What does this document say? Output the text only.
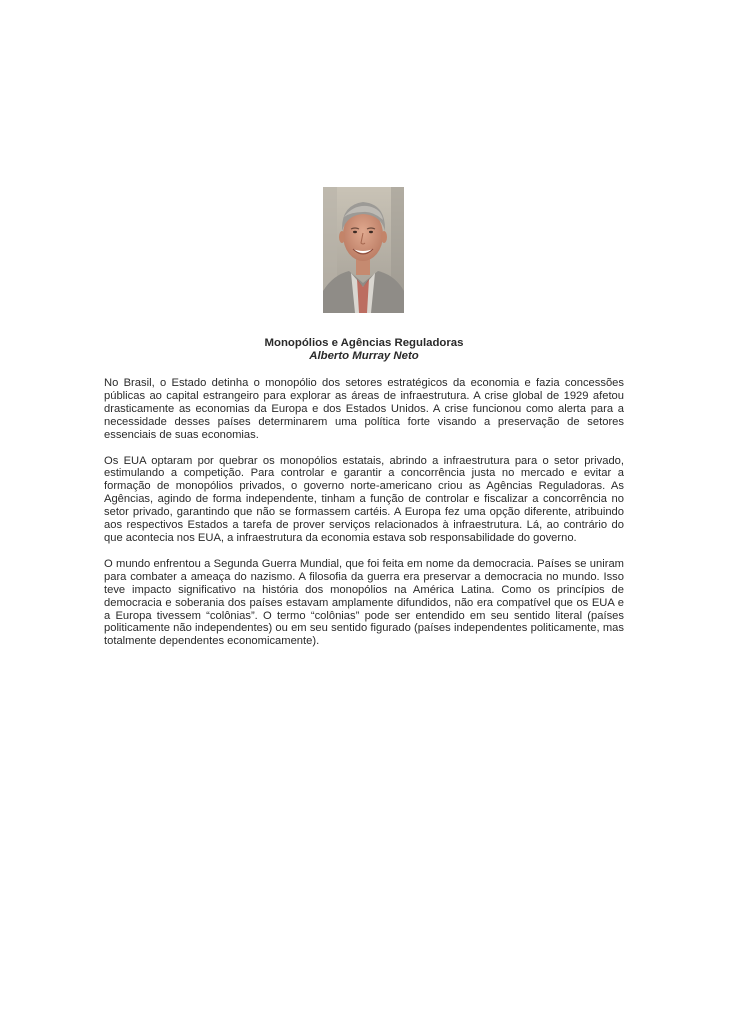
Monopólios e Agências Reguladoras

Alberto Murray Neto

No Brasil, o Estado detinha o monopólio dos setores estratégicos da economia e fazia concessões públicas ao capital estrangeiro para explorar as áreas de infraestrutura. A crise global de 1929 afetou drasticamente as economias da Europa e dos Estados Unidos. A crise funcionou como alerta para a necessidade desses países determinarem uma política forte visando a preservação de setores essenciais de suas economias.

Os EUA optaram por quebrar os monopólios estatais, abrindo a infraestrutura para o setor privado, estimulando a competição. Para controlar e garantir a concorrência justa no mercado e evitar a formação de monopólios privados, o governo norte-americano criou as Agências Reguladoras. As Agências, agindo de forma independente, tinham a função de controlar e fiscalizar a concorrência no setor privado, garantindo que não se formassem cartéis. A Europa fez uma opção diferente, atribuindo aos respectivos Estados a tarefa de prover serviços relacionados à infraestrutura. Lá, ao contrário do que acontecia nos EUA, a infraestrutura da economia estava sob responsabilidade do governo.

O mundo enfrentou a Segunda Guerra Mundial, que foi feita em nome da democracia. Países se uniram para combater a ameaça do nazismo. A filosofia da guerra era preservar a democracia no mundo. Isso teve impacto significativo na história dos monopólios na América Latina. Como os princípios de democracia e soberania dos países estavam amplamente difundidos, não era compatível que os EUA e a Europa tivessem “colônias”. O termo “colônias” pode ser entendido em seu sentido literal (países politicamente não independentes) ou em seu sentido figurado (países independentes politicamente, mas totalmente dependentes economicamente).
